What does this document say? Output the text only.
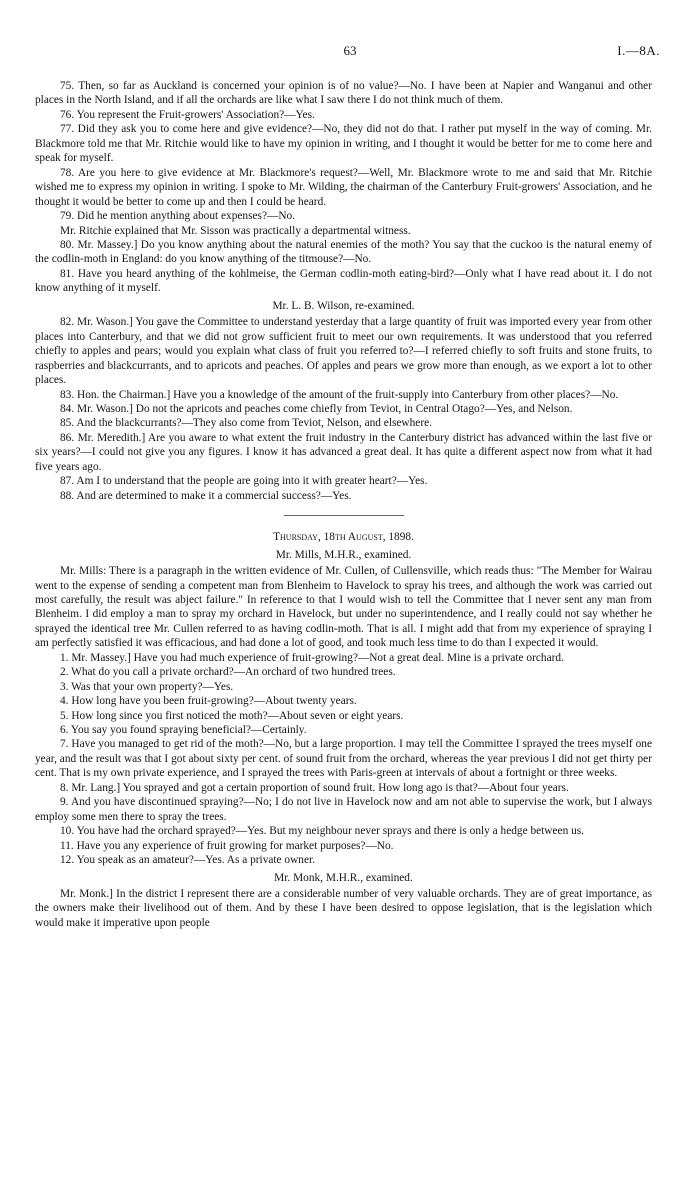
63	I.—8A.

75. Then, so far as Auckland is concerned your opinion is of no value?—No. I have been at Napier and Wanganui and other places in the North Island, and if all the orchards are like what I saw there I do not think much of them.

76. You represent the Fruit-growers' Association?—Yes.

77. Did they ask you to come here and give evidence?—No, they did not do that. I rather put myself in the way of coming. Mr. Blackmore told me that Mr. Ritchie would like to have my opinion in writing, and I thought it would be better for me to come here and speak for myself.

78. Are you here to give evidence at Mr. Blackmore's request?—Well, Mr. Blackmore wrote to me and said that Mr. Ritchie wished me to express my opinion in writing. I spoke to Mr. Wilding, the chairman of the Canterbury Fruit-growers' Association, and he thought it would be better to come up and then I could be heard.

79. Did he mention anything about expenses?—No.

Mr. Ritchie explained that Mr. Sisson was practically a departmental witness.

80. Mr. Massey.] Do you know anything about the natural enemies of the moth? You say that the cuckoo is the natural enemy of the codlin-moth in England: do you know anything of the titmouse?—No.

81. Have you heard anything of the kohlmeise, the German codlin-moth eating-bird?—Only what I have read about it. I do not know anything of it myself.

Mr. L. B. Wilson, re-examined.

82. Mr. Wason.] You gave the Committee to understand yesterday that a large quantity of fruit was imported every year from other places into Canterbury, and that we did not grow sufficient fruit to meet our own requirements. It was understood that you referred chiefly to apples and pears; would you explain what class of fruit you referred to?—I referred chiefly to soft fruits and stone fruits, to raspberries and blackcurrants, and to apricots and peaches. Of apples and pears we grow more than enough, as we export a lot to other places.

83. Hon. the Chairman.] Have you a knowledge of the amount of the fruit-supply into Canterbury from other places?—No.

84. Mr. Wason.] Do not the apricots and peaches come chiefly from Teviot, in Central Otago?—Yes, and Nelson.

85. And the blackcurrants?—They also come from Teviot, Nelson, and elsewhere.

86. Mr. Meredith.] Are you aware to what extent the fruit industry in the Canterbury district has advanced within the last five or six years?—I could not give you any figures. I know it has advanced a great deal. It has quite a different aspect now from what it had five years ago.

87. Am I to understand that the people are going into it with greater heart?—Yes.

88. And are determined to make it a commercial success?—Yes.

Thursday, 18th August, 1898.
Mr. Mills, M.H.R., examined.

Mr. Mills: There is a paragraph in the written evidence of Mr. Cullen, of Cullensville, which reads thus: "The Member for Wairau went to the expense of sending a competent man from Blenheim to Havelock to spray his trees, and although the work was carried out most carefully, the result was abject failure." In reference to that I would wish to tell the Committee that I never sent any man from Blenheim. I did employ a man to spray my orchard in Havelock, but under no superintendence, and I really could not say whether he sprayed the identical tree Mr. Cullen referred to as having codlin-moth. That is all. I might add that from my experience of spraying I am perfectly satisfied it was efficacious, and had done a lot of good, and took much less time to do than I expected it would.

1. Mr. Massey.] Have you had much experience of fruit-growing?—Not a great deal. Mine is a private orchard.

2. What do you call a private orchard?—An orchard of two hundred trees.

3. Was that your own property?—Yes.

4. How long have you been fruit-growing?—About twenty years.

5. How long since you first noticed the moth?—About seven or eight years.

6. You say you found spraying beneficial?—Certainly.

7. Have you managed to get rid of the moth?—No, but a large proportion. I may tell the Committee I sprayed the trees myself one year, and the result was that I got about sixty per cent. of sound fruit from the orchard, whereas the year previous I did not get thirty per cent. That is my own private experience, and I sprayed the trees with Paris-green at intervals of about a fortnight or three weeks.

8. Mr. Lang.] You sprayed and got a certain proportion of sound fruit. How long ago is that?—About four years.

9. And you have discontinued spraying?—No; I do not live in Havelock now and am not able to supervise the work, but I always employ some men there to spray the trees.

10. You have had the orchard sprayed?—Yes. But my neighbour never sprays and there is only a hedge between us.

11. Have you any experience of fruit growing for market purposes?—No.

12. You speak as an amateur?—Yes. As a private owner.

Mr. Monk, M.H.R., examined.

Mr. Monk.] In the district I represent there are a considerable number of very valuable orchards. They are of great importance, as the owners make their livelihood out of them. And by these I have been desired to oppose legislation, that is the legislation which would make it imperative upon people
